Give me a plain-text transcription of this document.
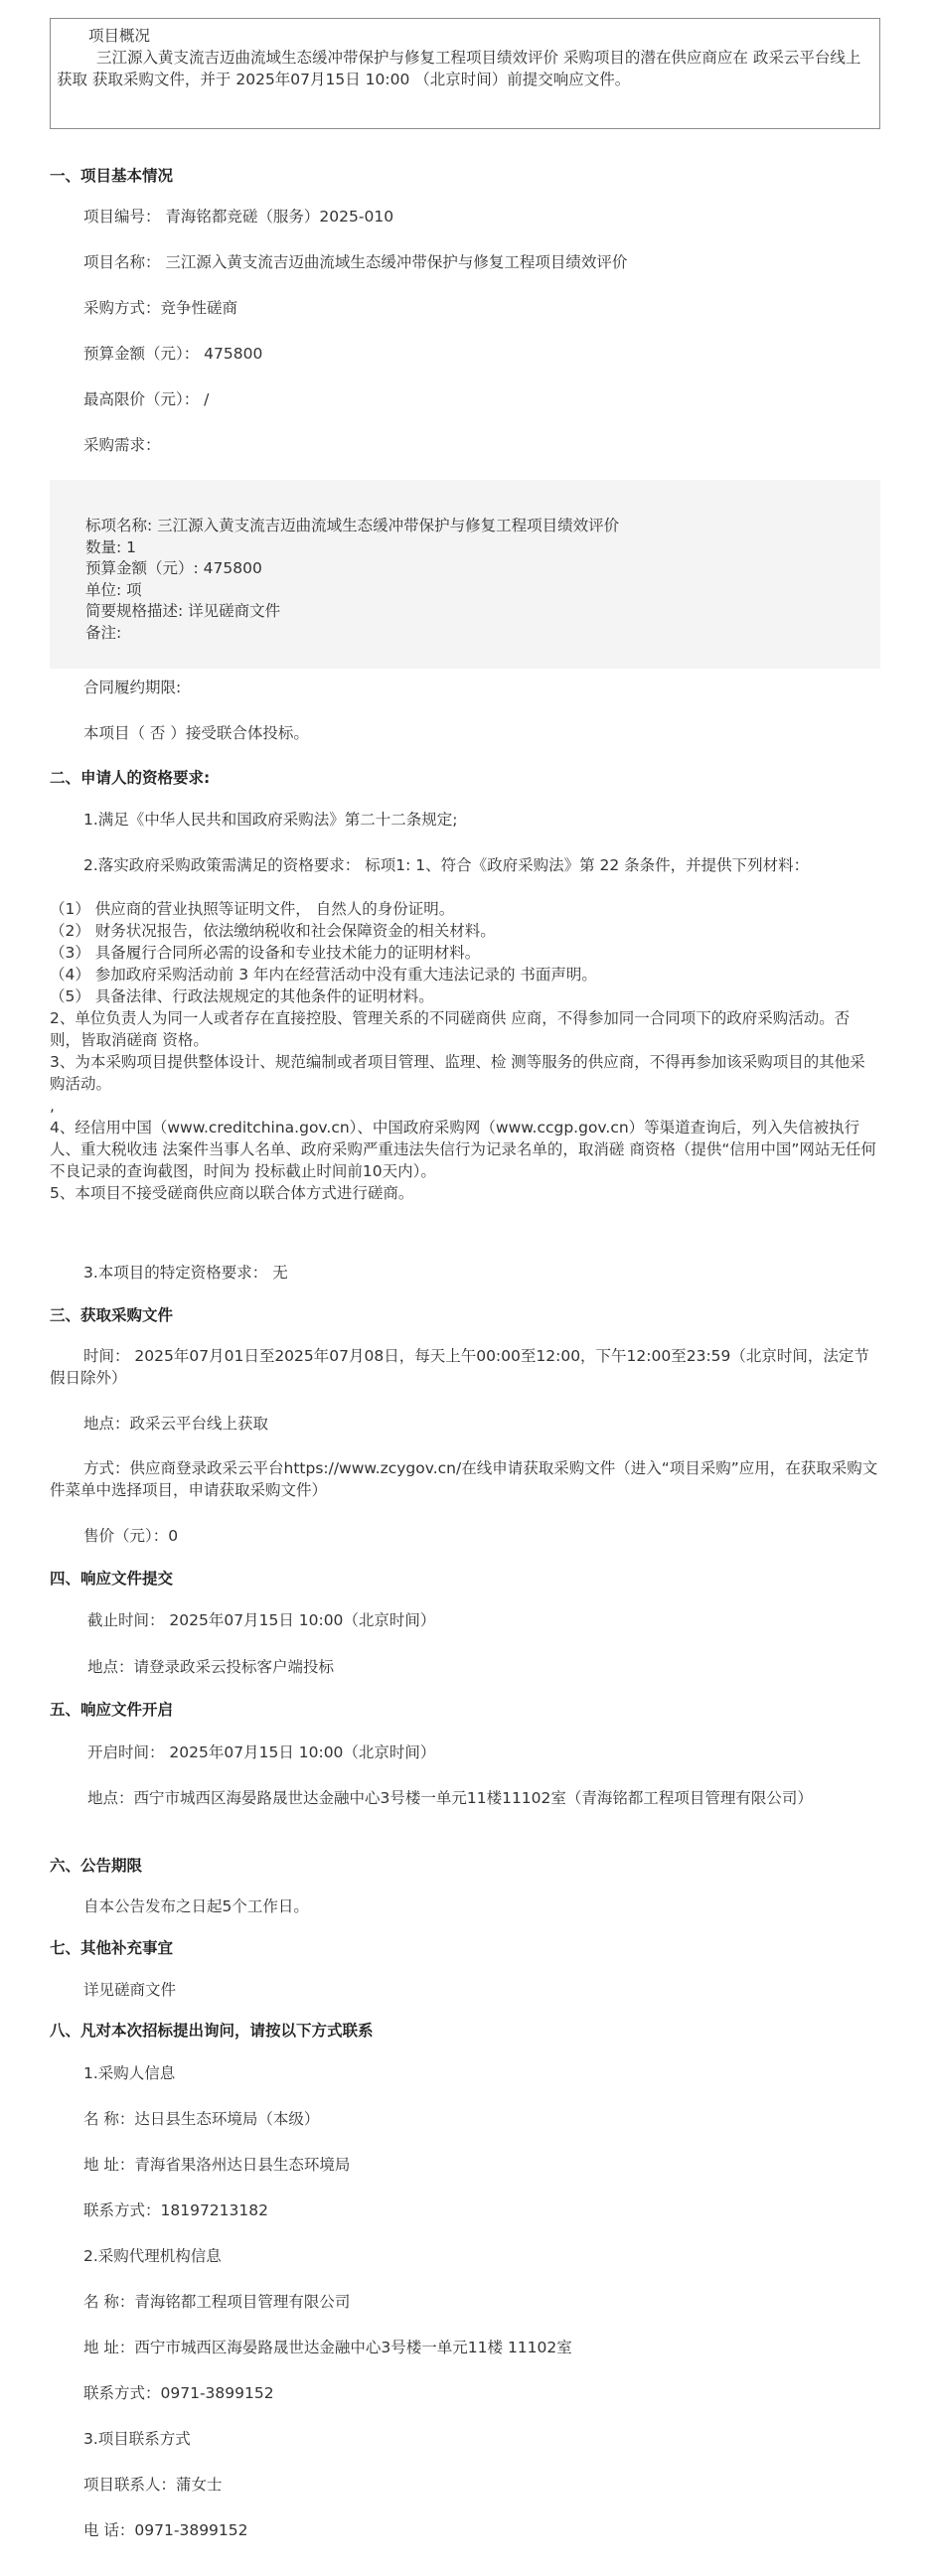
项目概况
三江源入黄支流吉迈曲流域生态缓冲带保护与修复工程项目绩效评价 采购项目的潜在供应商应在 政采云平台线上获取 获取采购文件，并于 2025年07月15日 10:00 （北京时间）前提交响应文件。
一、项目基本情况
项目编号： 青海铭都竞磋（服务）2025-010
项目名称： 三江源入黄支流吉迈曲流域生态缓冲带保护与修复工程项目绩效评价
采购方式：竞争性磋商
预算金额（元）： 475800
最高限价（元）： /
采购需求：
标项名称: 三江源入黄支流吉迈曲流域生态缓冲带保护与修复工程项目绩效评价
数量: 1
预算金额（元）: 475800
单位: 项
简要规格描述: 详见磋商文件
备注:
合同履约期限:
本项目（ 否 ）接受联合体投标。
二、申请人的资格要求:
1.满足《中华人民共和国政府采购法》第二十二条规定;
2.落实政府采购政策需满足的资格要求： 标项1: 1、符合《政府采购法》第 22 条条件，并提供下列材料：
（1） 供应商的营业执照等证明文件， 自然人的身份证明。
（2） 财务状况报告，依法缴纳税收和社会保障资金的相关材料。
（3） 具备履行合同所必需的设备和专业技术能力的证明材料。
（4） 参加政府采购活动前 3 年内在经营活动中没有重大违法记录的 书面声明。
（5） 具备法律、行政法规规定的其他条件的证明材料。
2、单位负责人为同一人或者存在直接控股、管理关系的不同磋商供 应商，不得参加同一合同项下的政府采购活动。否则，皆取消磋商 资格。
3、为本采购项目提供整体设计、规范编制或者项目管理、监理、检 测等服务的供应商，不得再参加该采购项目的其他采购活动。
,
4、经信用中国（www.creditchina.gov.cn）、中国政府采购网（www.ccgp.gov.cn）等渠道查询后，列入失信被执行人、重大税收违 法案件当事人名单、政府采购严重违法失信行为记录名单的，取消磋 商资格（提供“信用中国”网站无任何不良记录的查询截图，时间为 投标截止时间前10天内）。
5、本项目不接受磋商供应商以联合体方式进行磋商。
3.本项目的特定资格要求： 无
三、获取采购文件
时间： 2025年07月01日至2025年07月08日，每天上午00:00至12:00，下午12:00至23:59（北京时间，法定节假日除外）
地点：政采云平台线上获取
方式：供应商登录政采云平台https://www.zcygov.cn/在线申请获取采购文件（进入“项目采购”应用，在获取采购文件菜单中选择项目，申请获取采购文件）
售价（元）：0
四、响应文件提交
截止时间： 2025年07月15日 10:00（北京时间）
地点：请登录政采云投标客户端投标
五、响应文件开启
开启时间： 2025年07月15日 10:00（北京时间）
地点：西宁市城西区海晏路晟世达金融中心3号楼一单元11楼11102室（青海铭都工程项目管理有限公司）
六、公告期限
自本公告发布之日起5个工作日。
七、其他补充事宜
详见磋商文件
八、凡对本次招标提出询问，请按以下方式联系
1.采购人信息
名 称：达日县生态环境局（本级）
地 址：青海省果洛州达日县生态环境局
联系方式：18197213182
2.采购代理机构信息
名 称：青海铭都工程项目管理有限公司
地 址：西宁市城西区海晏路晟世达金融中心3号楼一单元11楼 11102室
联系方式：0971-3899152
3.项目联系方式
项目联系人：蒲女士
电 话：0971-3899152
